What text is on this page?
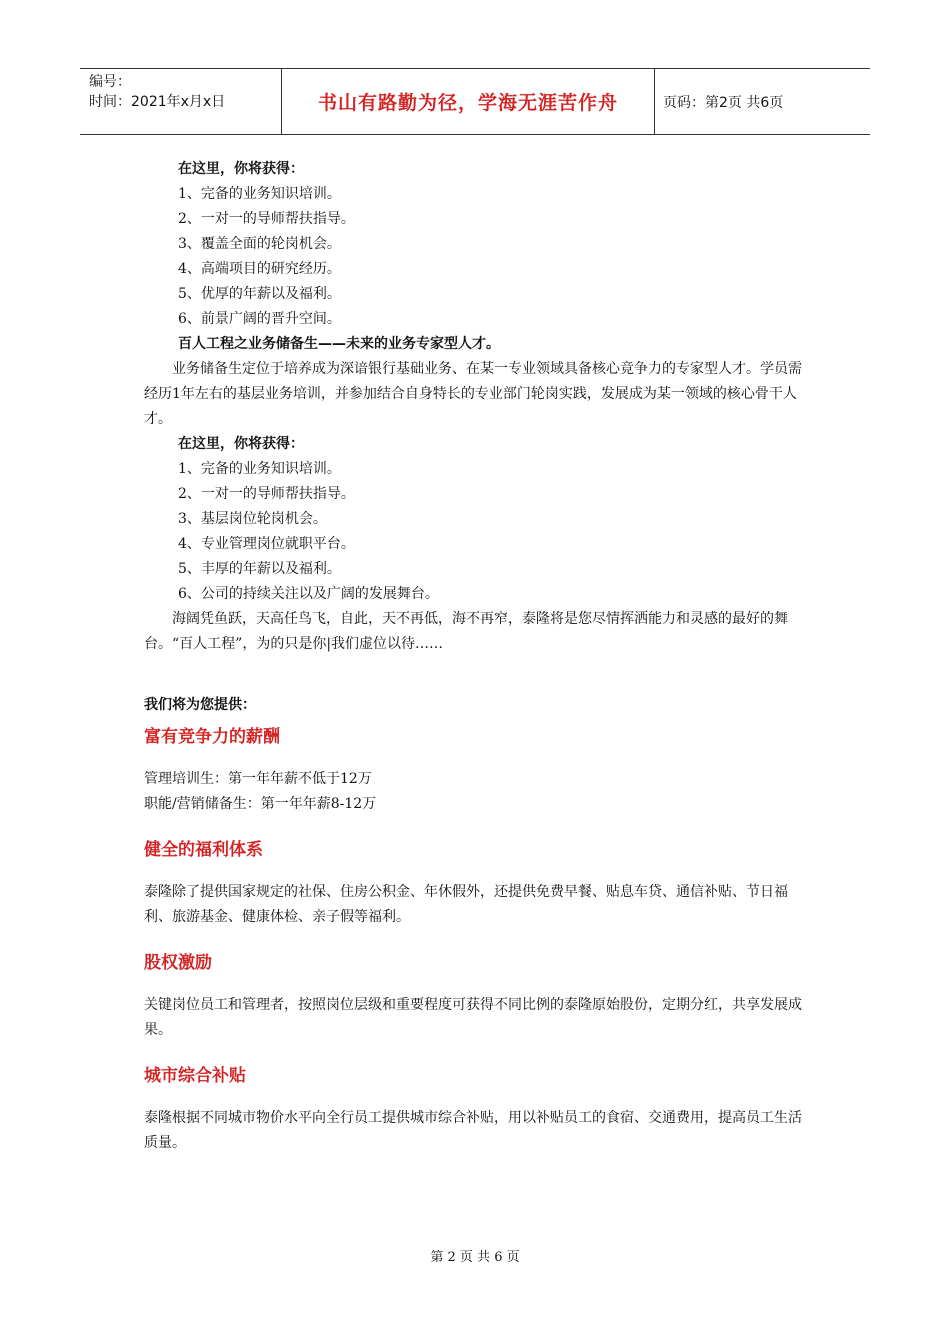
编号：
时间：2021年x月x日	书山有路勤为径，学海无涯苦作舟	页码：第2页 共6页
在这里，你将获得：
1、完备的业务知识培训。
2、一对一的导师帮扶指导。
3、覆盖全面的轮岗机会。
4、高端项目的研究经历。
5、优厚的年薪以及福利。
6、前景广阔的晋升空间。
百人工程之业务储备生——未来的业务专家型人才。

业务储备生定位于培养成为深谙银行基础业务、在某一专业领域具备核心竞争力的专家型人才。学员需经历1年左右的基层业务培训，并参加结合自身特长的专业部门轮岗实践，发展成为某一领域的核心骨干人才。

在这里，你将获得：
1、完备的业务知识培训。
2、一对一的导师帮扶指导。
3、基层岗位轮岗机会。
4、专业管理岗位就职平台。
5、丰厚的年薪以及福利。
6、公司的持续关注以及广阔的发展舞台。

海阔凭鱼跃，天高任鸟飞，自此，天不再低，海不再窄，泰隆将是您尽情挥洒能力和灵感的最好的舞台。“百人工程”，为的只是你|我们虚位以待……

我们将为您提供：
富有竞争力的薪酬
管理培训生：第一年年薪不低于12万
职能/营销储备生：第一年年薪8-12万
健全的福利体系

泰隆除了提供国家规定的社保、住房公积金、年休假外，还提供免费早餐、贴息车贷、通信补贴、节日福利、旅游基金、健康体检、亲子假等福利。

股权激励

关键岗位员工和管理者，按照岗位层级和重要程度可获得不同比例的泰隆原始股份，定期分红，共享发展成果。

城市综合补贴

泰隆根据不同城市物价水平向全行员工提供城市综合补贴，用以补贴员工的食宿、交通费用，提高员工生活质量。

第 2 页 共 6 页
